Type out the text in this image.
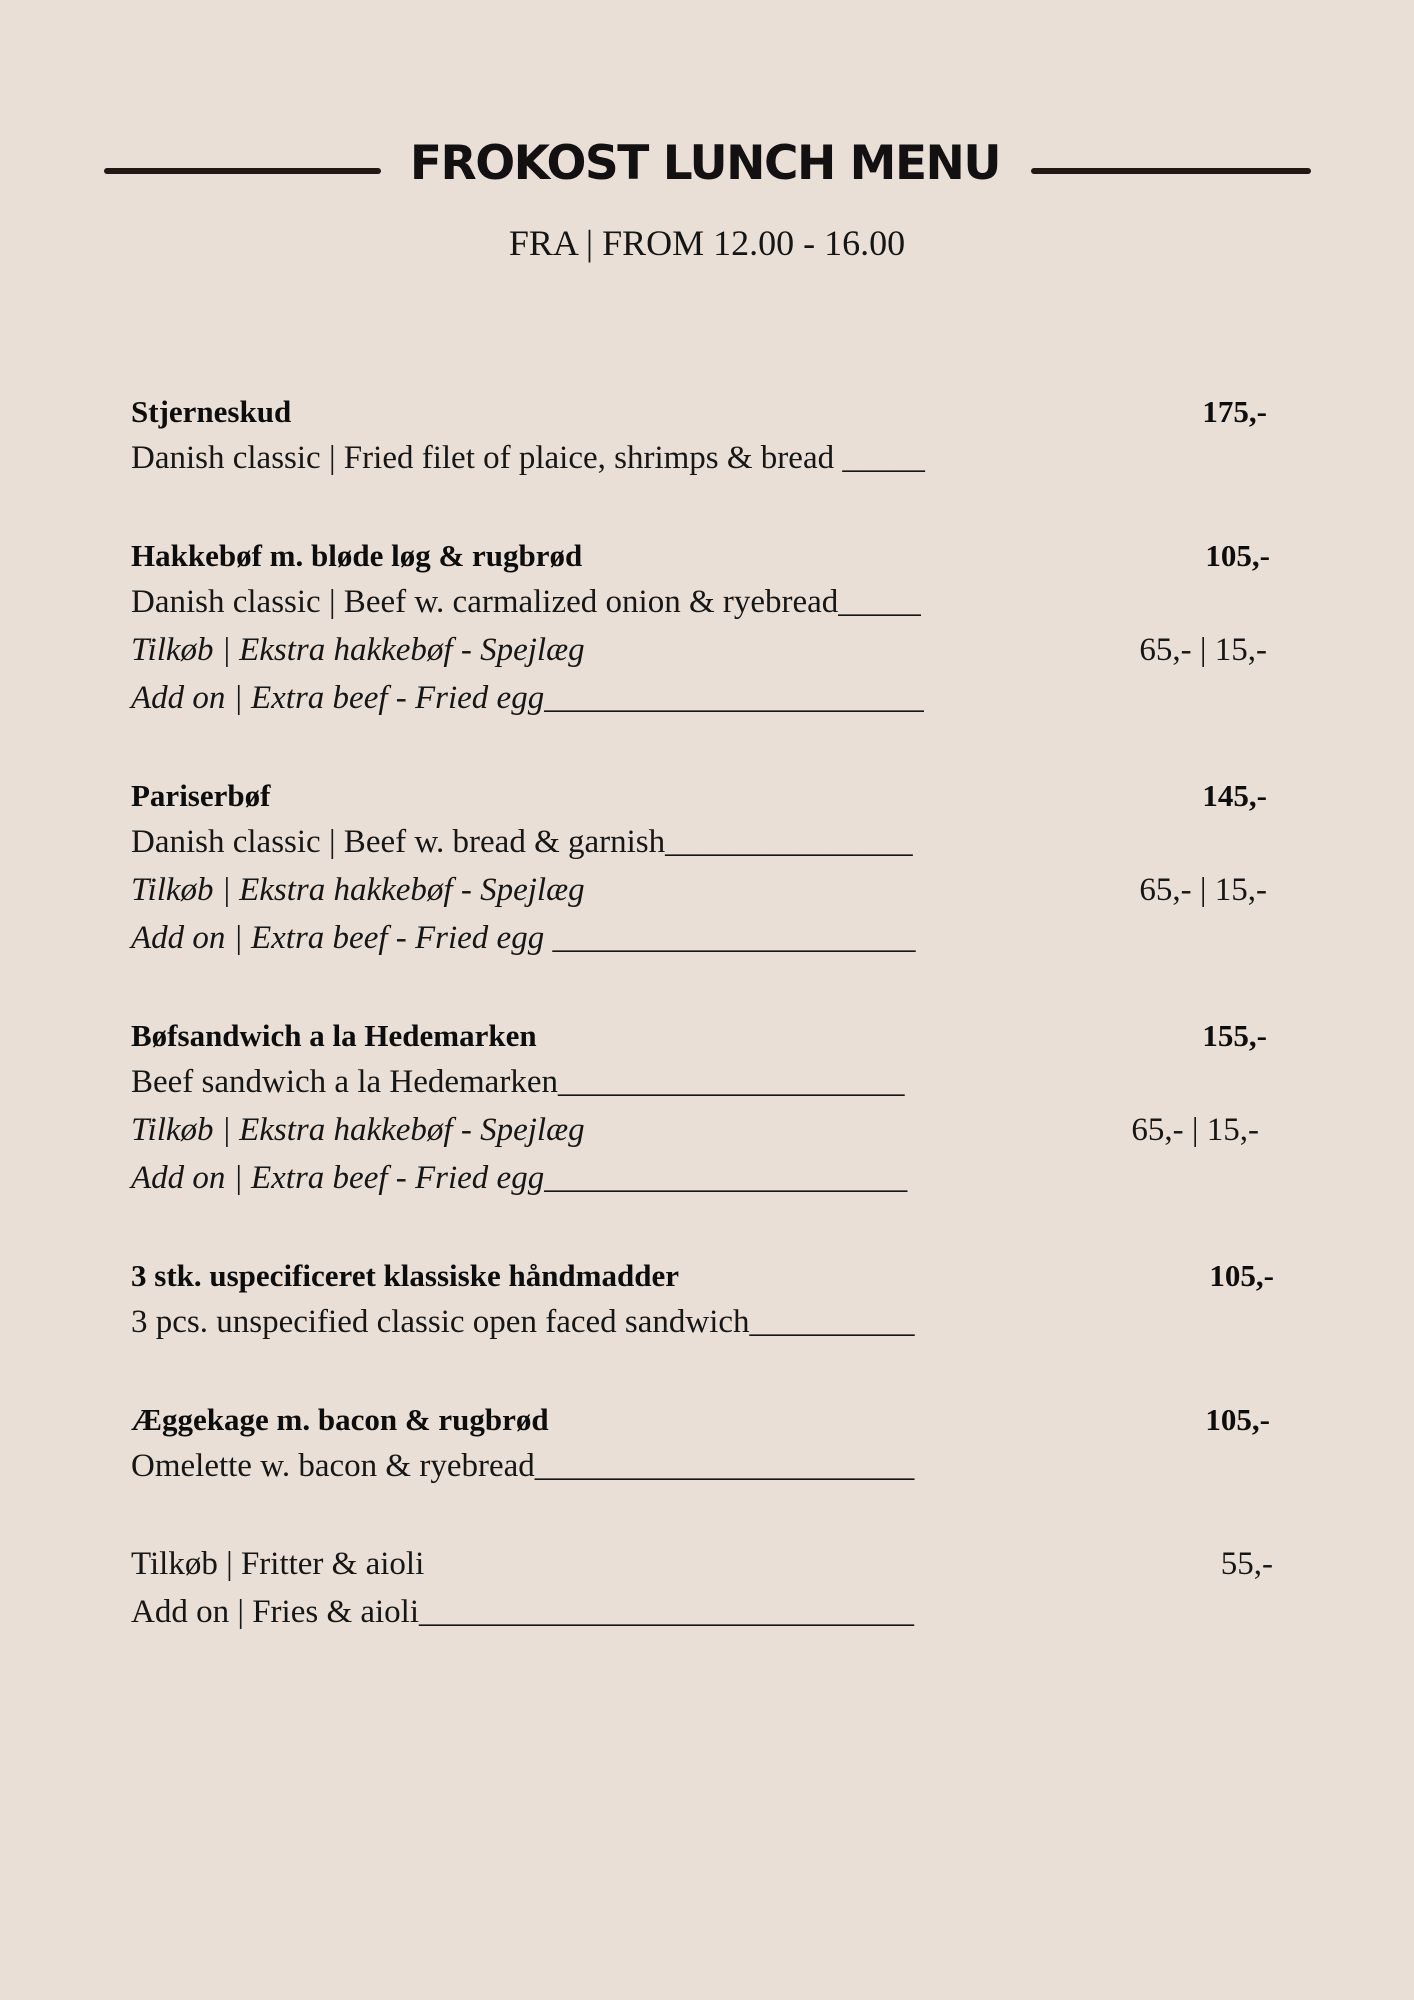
FROKOST LUNCH MENU
FRA | FROM 12.00 - 16.00
Stjerneskud	175,-
Danish classic | Fried filet of plaice, shrimps & bread _____
Hakkebøf m. bløde løg & rugbrød	105,-
Danish classic | Beef w. carmalized onion & ryebread_____
Tilkøb | Ekstra hakkebøf - Spejlæg	65,- | 15,-
Add on | Extra beef - Fried egg_______________________
Pariserbøf	145,-
Danish classic | Beef w. bread & garnish_______________
Tilkøb | Ekstra hakkebøf - Spejlæg	65,- | 15,-
Add on | Extra beef - Fried egg ______________________
Bøfsandwich a la Hedemarken	155,-
Beef sandwich a la Hedemarken_____________________
Tilkøb | Ekstra hakkebøf - Spejlæg	65,- | 15,-
Add on | Extra beef - Fried egg______________________
3 stk. uspecificeret klassiske håndmadder	105,-
3 pcs. unspecified classic open faced sandwich__________
Æggekage m. bacon & rugbrød	105,-
Omelette w. bacon & ryebread_______________________
Tilkøb | Fritter & aioli	55,-
Add on | Fries & aioli______________________________
